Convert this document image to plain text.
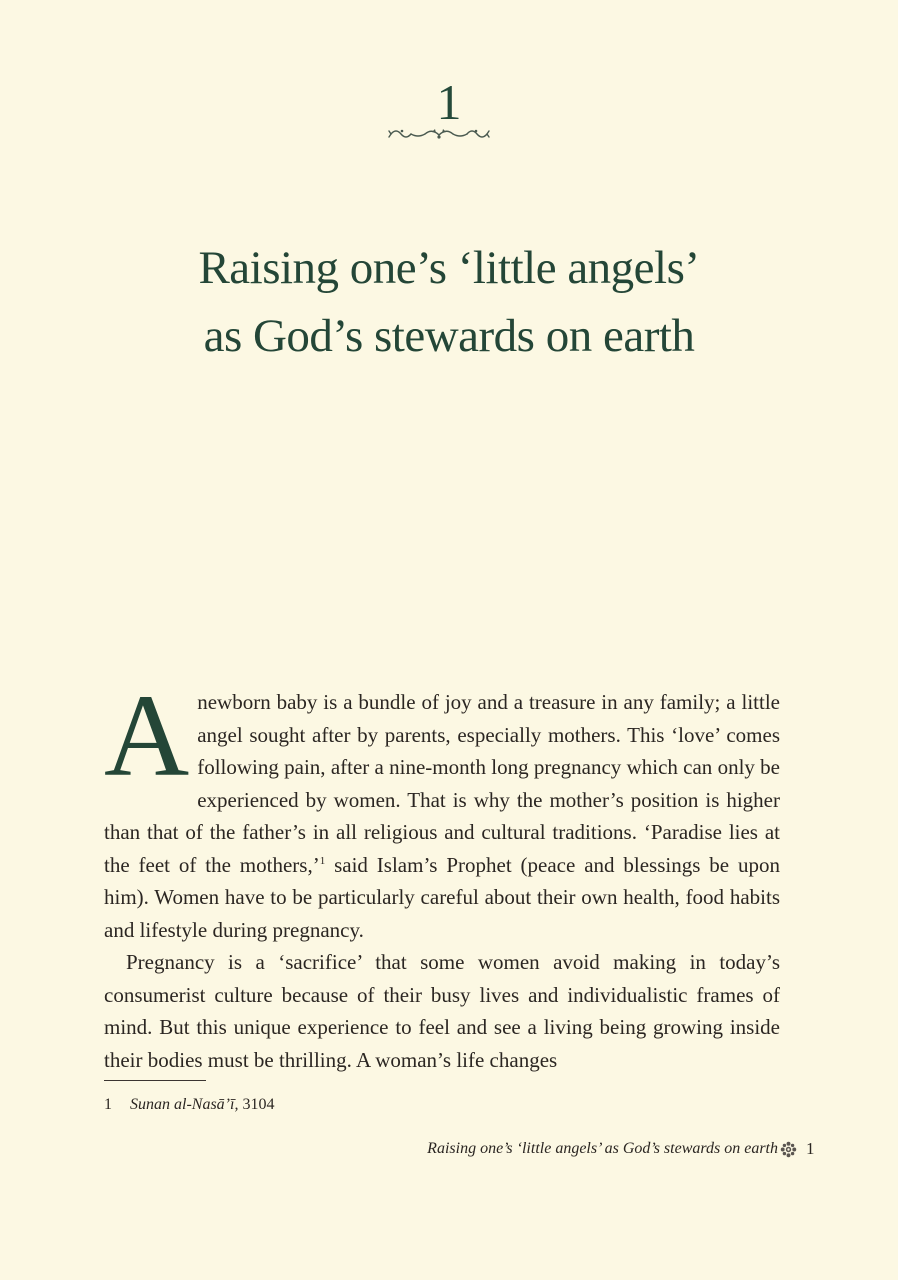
1
Raising one’s ‘little angels’
as God’s stewards on earth

Anewborn baby is a bundle of joy and a treasure in any family; a little angel sought after by parents, especially mothers. This ‘love’ comes following pain, after a nine-month long pregnancy which can only be experienced by women. That is why the mother’s position is higher than that of the father’s in all religious and cultural traditions. ‘Paradise lies at the feet of the mothers,’$^1$ said Islam’s Prophet (peace and blessings be upon him). Women have to be particularly careful about their own health, food habits and lifestyle during pregnancy.

Pregnancy is a ‘sacrifice’ that some women avoid making in today’s consumerist culture because of their busy lives and individualistic frames of mind. But this unique experience to feel and see a living being growing inside their bodies must be thrilling. A woman’s life changes

1 Sunan al-Nasā’ī, 3104
Raising one’s ‘little angels’ as God’s stewards on earth 1
